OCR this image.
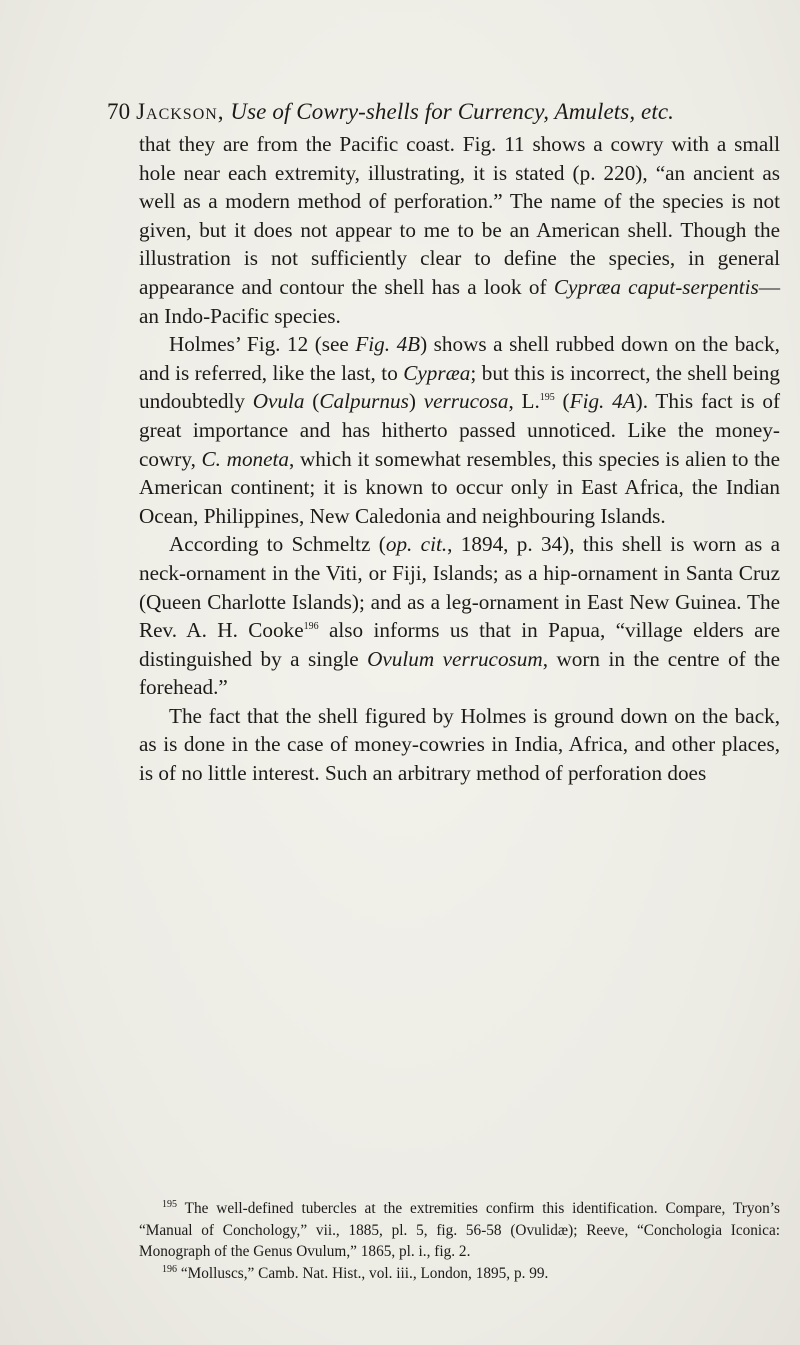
70 Jackson, Use of Cowry-shells for Currency, Amulets, etc.

that they are from the Pacific coast. Fig. 11 shows a cowry with a small hole near each extremity, illustrating, it is stated (p. 220), “an ancient as well as a modern method of perforation.” The name of the species is not given, but it does not appear to me to be an American shell. Though the illustration is not sufficiently clear to define the species, in general appearance and contour the shell has a look of Cypræa caput-serpentis—an Indo-Pacific species.

Holmes’ Fig. 12 (see Fig. 4B) shows a shell rubbed down on the back, and is referred, like the last, to Cypræa; but this is incorrect, the shell being undoubtedly Ovula (Calpurnus) verrucosa, L.$^{195}$ (Fig. 4A). This fact is of great importance and has hitherto passed unnoticed. Like the money-cowry, C. moneta, which it somewhat resembles, this species is alien to the American continent; it is known to occur only in East Africa, the Indian Ocean, Philippines, New Caledonia and neighbouring Islands.

According to Schmeltz (op. cit., 1894, p. 34), this shell is worn as a neck-ornament in the Viti, or Fiji, Islands; as a hip-ornament in Santa Cruz (Queen Charlotte Islands); and as a leg-ornament in East New Guinea. The Rev. A. H. Cooke$^{196}$ also informs us that in Papua, “village elders are distinguished by a single Ovulum verrucosum, worn in the centre of the forehead.”

The fact that the shell figured by Holmes is ground down on the back, as is done in the case of money-cowries in India, Africa, and other places, is of no little interest. Such an arbitrary method of perforation does

$^{195}$ The well-defined tubercles at the extremities confirm this identification. Compare, Tryon’s “Manual of Conchology,” vii., 1885, pl. 5, fig. 56-58 (Ovulidæ); Reeve, “Conchologia Iconica: Monograph of the Genus Ovulum,” 1865, pl. i., fig. 2.

$^{196}$ “Molluscs,” Camb. Nat. Hist., vol. iii., London, 1895, p. 99.
